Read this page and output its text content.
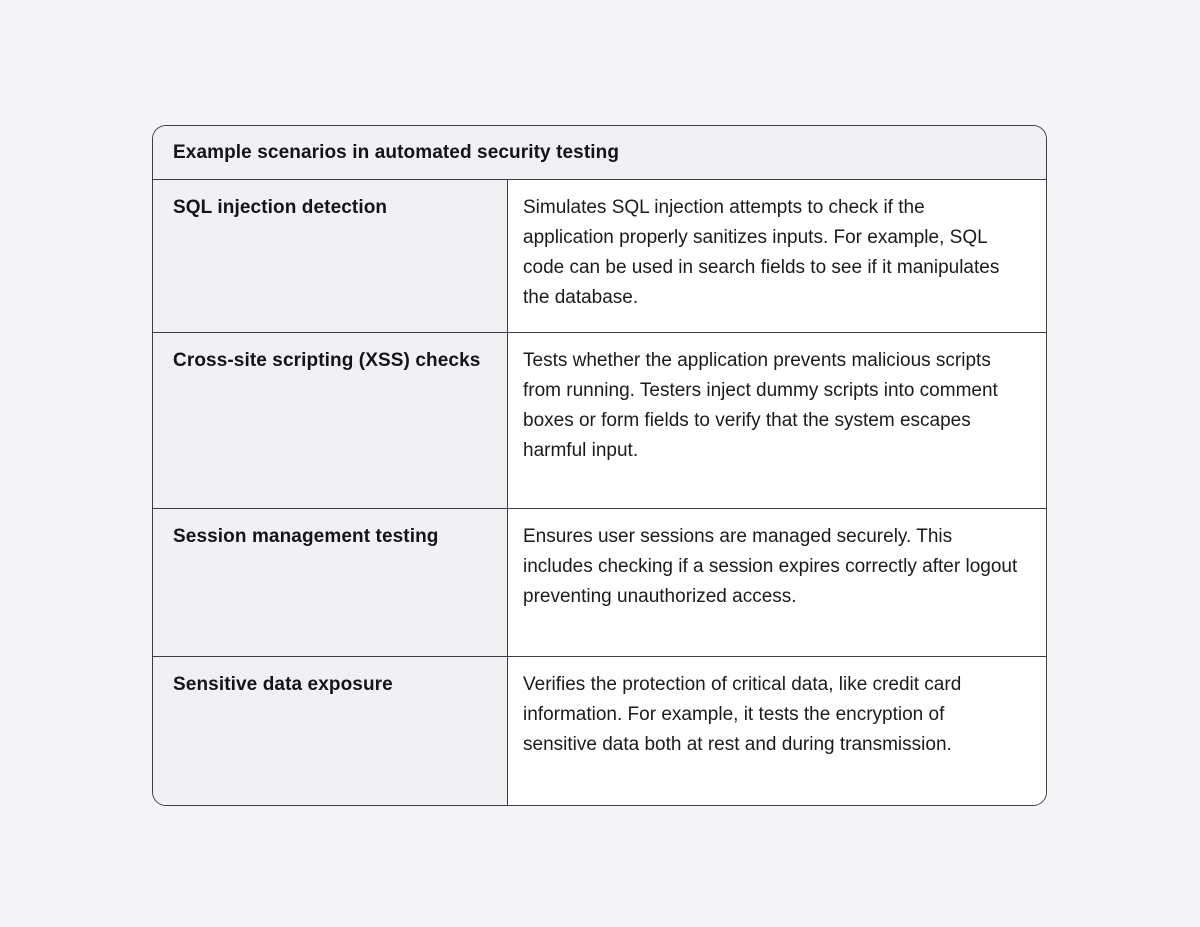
Example scenarios in automated security testing
SQL injection detection	Simulates SQL injection attempts to check if the application properly sanitizes inputs. For example, SQL code can be used in search fields to see if it manipulates the database.
Cross-site scripting (XSS) checks	Tests whether the application prevents malicious scripts from running. Testers inject dummy scripts into comment boxes or form fields to verify that the system escapes harmful input.
Session management testing	Ensures user sessions are managed securely. This includes checking if a session expires correctly after logout preventing unauthorized access.
Sensitive data exposure	Verifies the protection of critical data, like credit card information. For example, it tests the encryption of sensitive data both at rest and during transmission.
